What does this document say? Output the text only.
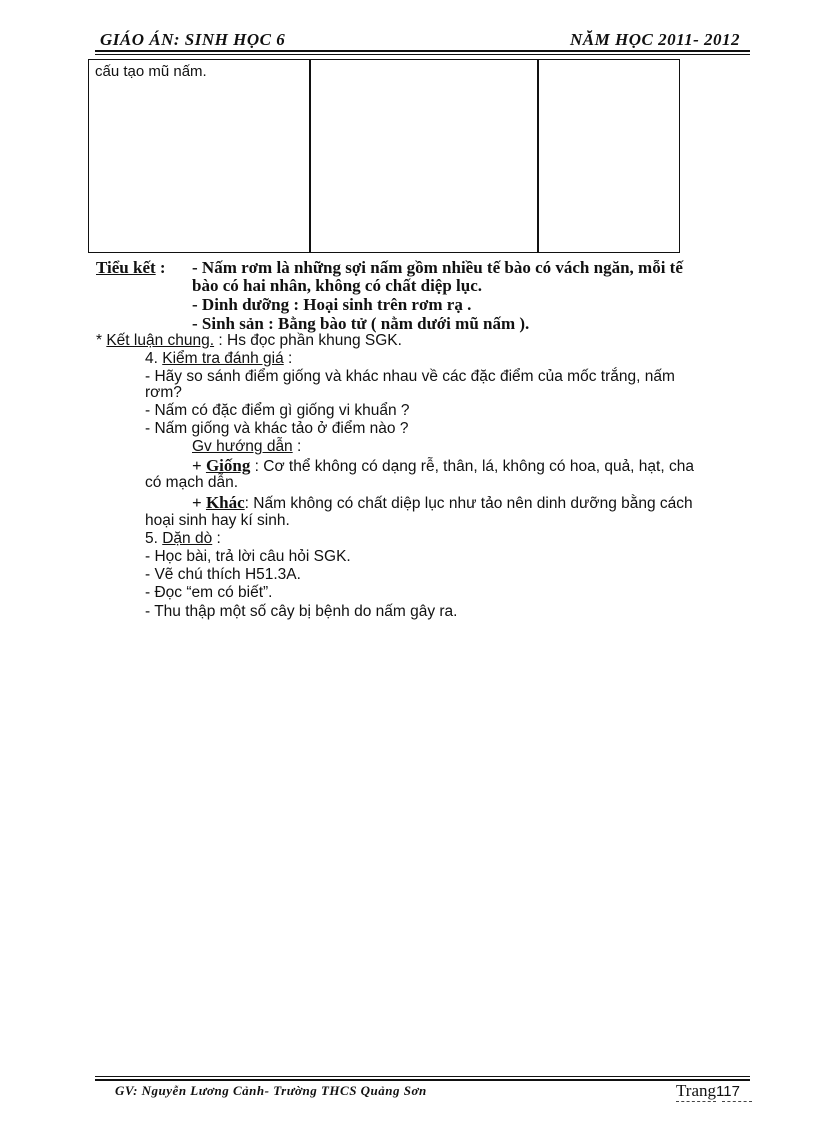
GIÁO ÁN: SINH HỌC 6	NĂM HỌC 2011- 2012
cấu tạo mũ nấm.
Tiểu kết : - Nấm rơm là những sợi nấm gồm nhiều tế bào có vách ngăn, mỗi tế
bào có hai nhân, không có chất diệp lục.
- Dinh dưỡng : Hoại sinh trên rơm rạ .
- Sinh sản : Bằng bào tử ( nằm dưới mũ nấm ).
* Kết luận chung. : Hs đọc phần khung SGK.
4. Kiểm tra đánh giá :
- Hãy so sánh điểm giống và khác nhau về các đặc điểm của mốc trắng, nấm
rơm?
- Nấm có đặc điểm gì giống vi khuẩn ?
- Nấm giống và khác tảo ở điểm nào ?
Gv hướng dẫn :
+ Giống : Cơ thể không có dạng rễ, thân, lá, không có hoa, quả, hạt, cha
có mạch dẫn.
+ Khác: Nấm không có chất diệp lục như tảo nên dinh dưỡng bằng cách
hoại sinh hay kí sinh.
5. Dặn dò :
- Học bài, trả lời câu hỏi SGK.
- Vẽ chú thích H51.3A.
- Đọc “em có biết”.
- Thu thập một số cây bị bệnh do nấm gây ra.
GV: Nguyễn Lương Cảnh- Trường THCS Quảng Sơn	Trang117
